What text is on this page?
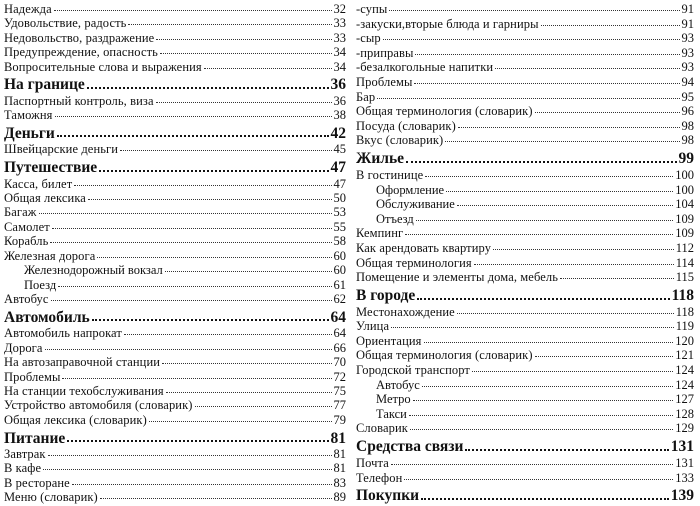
Надежда	32
Удовольствие, радость	33
Недовольство, раздражение	33
Предупреждение, опасность	34
Вопросительные слова и выражения	34
На границе	36
Паспортный контроль, виза	36
Таможня	38
Деньги	42
Швейцарские деньги	45
Путешествие	47
Касса, билет	47
Общая лексика	50
Багаж	53
Самолет	55
Корабль	58
Железная дорога	60
Железнодорожный вокзал	60
Поезд	61
Автобус	62
Автомобиль	64
Автомобиль напрокат	64
Дорога	66
На автозаправочной станции	70
Проблемы	72
На станции техобслуживания	75
Устройство автомобиля (словарик)	77
Общая лексика (словарик)	79
Питание	81
Завтрак	81
В кафе	81
В ресторане	83
Меню (словарик)	89
-супы	91
-закуски,вторые блюда и гарниры	91
-сыр	93
-приправы	93
-безалкогольные напитки	93
Проблемы	94
Бар	95
Общая терминология (словарик)	96
Посуда (словарик)	98
Вкус (словарик)	98
Жилье	99
В гостинице	100
Оформление	100
Обслуживание	104
Отъезд	109
Кемпинг	109
Как арендовать квартиру	112
Общая терминология	114
Помещение и элементы дома, мебель	115
В городе	118
Местонахождение	118
Улица	119
Ориентация	120
Общая терминология (словарик)	121
Городской транспорт	124
Автобус	124
Метро	127
Такси	128
Словарик	129
Средства связи	131
Почта	131
Телефон	133
Покупки	139
